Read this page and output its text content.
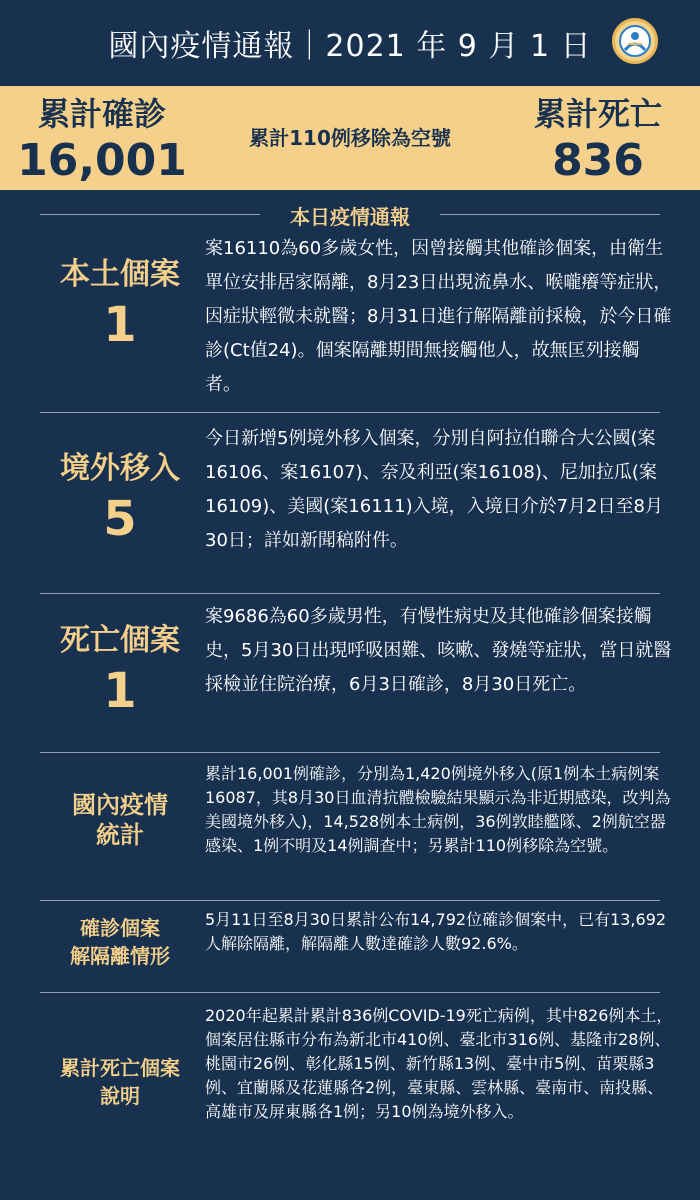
國內疫情通報｜2021 年 9 月 1 日
累計確診
16,001	累計110例移除為空號
累計死亡
836
本日疫情通報
本土個案
1
案16110為60多歲女性，因曾接觸其他確診個案，由衛生單位安排居家隔離，8月23日出現流鼻水、喉嚨癢等症狀，因症狀輕微未就醫；8月31日進行解隔離前採檢，於今日確診(Ct值24)。個案隔離期間無接觸他人，故無匡列接觸者。
境外移入
5
今日新增5例境外移入個案，分別自阿拉伯聯合大公國(案16106、案16107)、奈及利亞(案16108)、尼加拉瓜(案16109)、美國(案16111)入境，入境日介於7月2日至8月30日；詳如新聞稿附件。
死亡個案
1
案9686為60多歲男性，有慢性病史及其他確診個案接觸史，5月30日出現呼吸困難、咳嗽、發燒等症狀，當日就醫採檢並住院治療，6月3日確診，8月30日死亡。
國內疫情
統計
累計16,001例確診，分別為1,420例境外移入(原1例本土病例案16087，其8月30日血清抗體檢驗結果顯示為非近期感染，改判為美國境外移入)，14,528例本土病例，36例敦睦艦隊、2例航空器感染、1例不明及14例調查中；另累計110例移除為空號。
確診個案
解隔離情形
5月11日至8月30日累計公布14,792位確診個案中，已有13,692人解除隔離，解隔離人數達確診人數92.6%。
累計死亡個案
說明
2020年起累計累計836例COVID-19死亡病例，其中826例本土，個案居住縣市分布為新北市410例、臺北市316例、基隆市28例、桃園市26例、彰化縣15例、新竹縣13例、臺中市5例、苗栗縣3例、宜蘭縣及花蓮縣各2例，臺東縣、雲林縣、臺南市、南投縣、高雄市及屏東縣各1例；另10例為境外移入。
